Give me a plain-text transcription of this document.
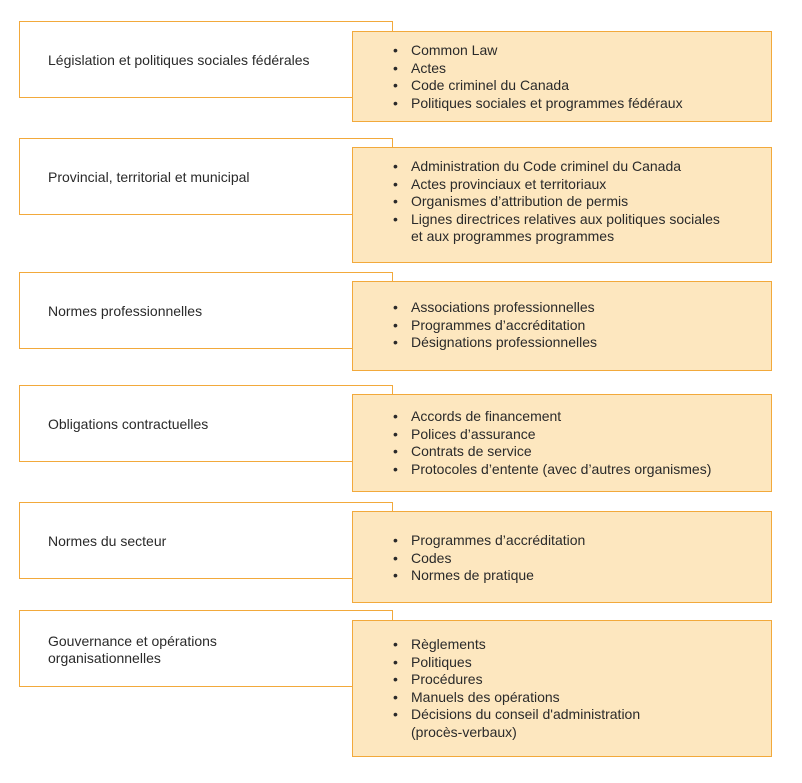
Législation et politiques sociales fédérales
• Common Law
• Actes
• Code criminel du Canada
• Politiques sociales et programmes fédéraux
Provincial, territorial et municipal
• Administration du Code criminel du Canada
• Actes provinciaux et territoriaux
• Organismes d’attribution de permis
• Lignes directrices relatives aux politiques sociales et aux programmes programmes
Normes professionnelles	• Associations professionnelles
• Programmes d’accréditation
• Désignations professionnelles
Obligations contractuelles	• Accords de financement
• Polices d’assurance
• Contrats de service
• Protocoles d’entente (avec d’autres organismes)
Normes du secteur	• Programmes d’accréditation
• Codes
• Normes de pratique
Gouvernance et opérations organisationnelles
• Règlements
• Politiques
• Procédures
• Manuels des opérations
• Décisions du conseil d'administration (procès-verbaux)
